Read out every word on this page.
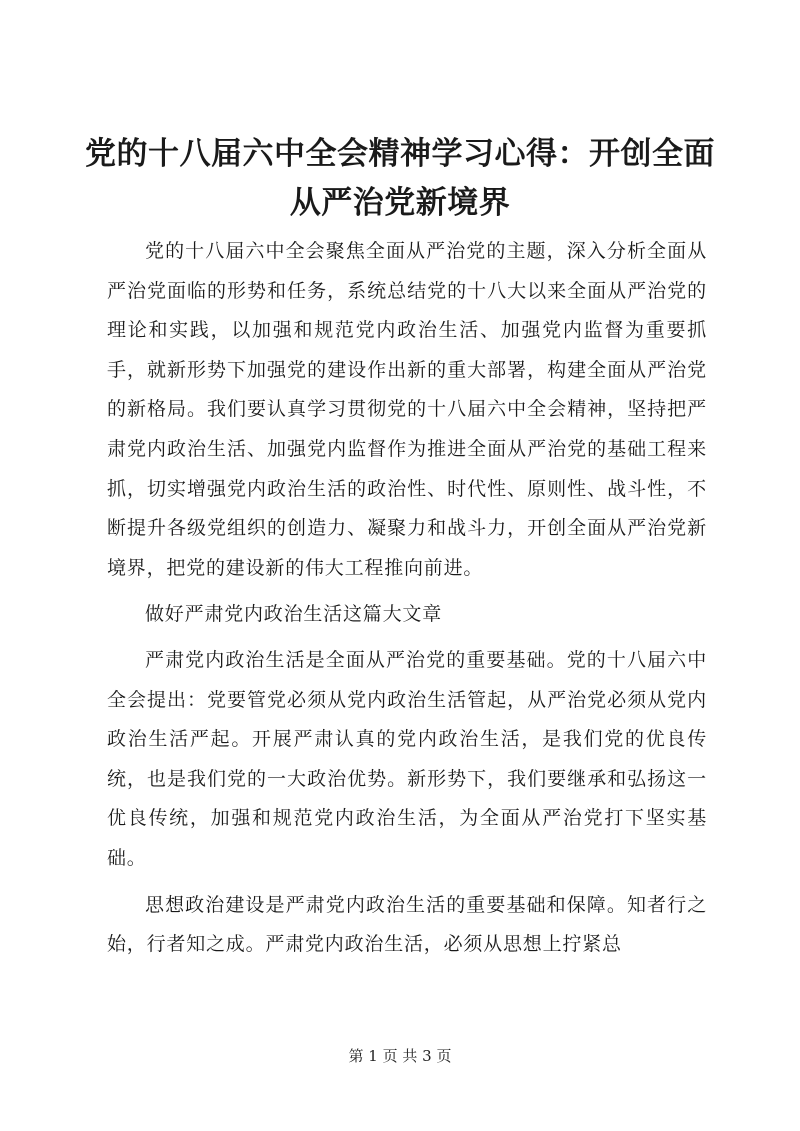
党的十八届六中全会精神学习心得：开创全面
从严治党新境界

党的十八届六中全会聚焦全面从严治党的主题，深入分析全面从严治党面临的形势和任务，系统总结党的十八大以来全面从严治党的理论和实践，以加强和规范党内政治生活、加强党内监督为重要抓手，就新形势下加强党的建设作出新的重大部署，构建全面从严治党的新格局。我们要认真学习贯彻党的十八届六中全会精神，坚持把严肃党内政治生活、加强党内监督作为推进全面从严治党的基础工程来抓，切实增强党内政治生活的政治性、时代性、原则性、战斗性，不断提升各级党组织的创造力、凝聚力和战斗力，开创全面从严治党新境界，把党的建设新的伟大工程推向前进。

做好严肃党内政治生活这篇大文章

严肃党内政治生活是全面从严治党的重要基础。党的十八届六中全会提出：党要管党必须从党内政治生活管起，从严治党必须从党内政治生活严起。开展严肃认真的党内政治生活，是我们党的优良传统，也是我们党的一大政治优势。新形势下，我们要继承和弘扬这一优良传统，加强和规范党内政治生活，为全面从严治党打下坚实基础。

思想政治建设是严肃党内政治生活的重要基础和保障。知者行之始，行者知之成。严肃党内政治生活，必须从思想上拧紧总

第 1 页 共 3 页
